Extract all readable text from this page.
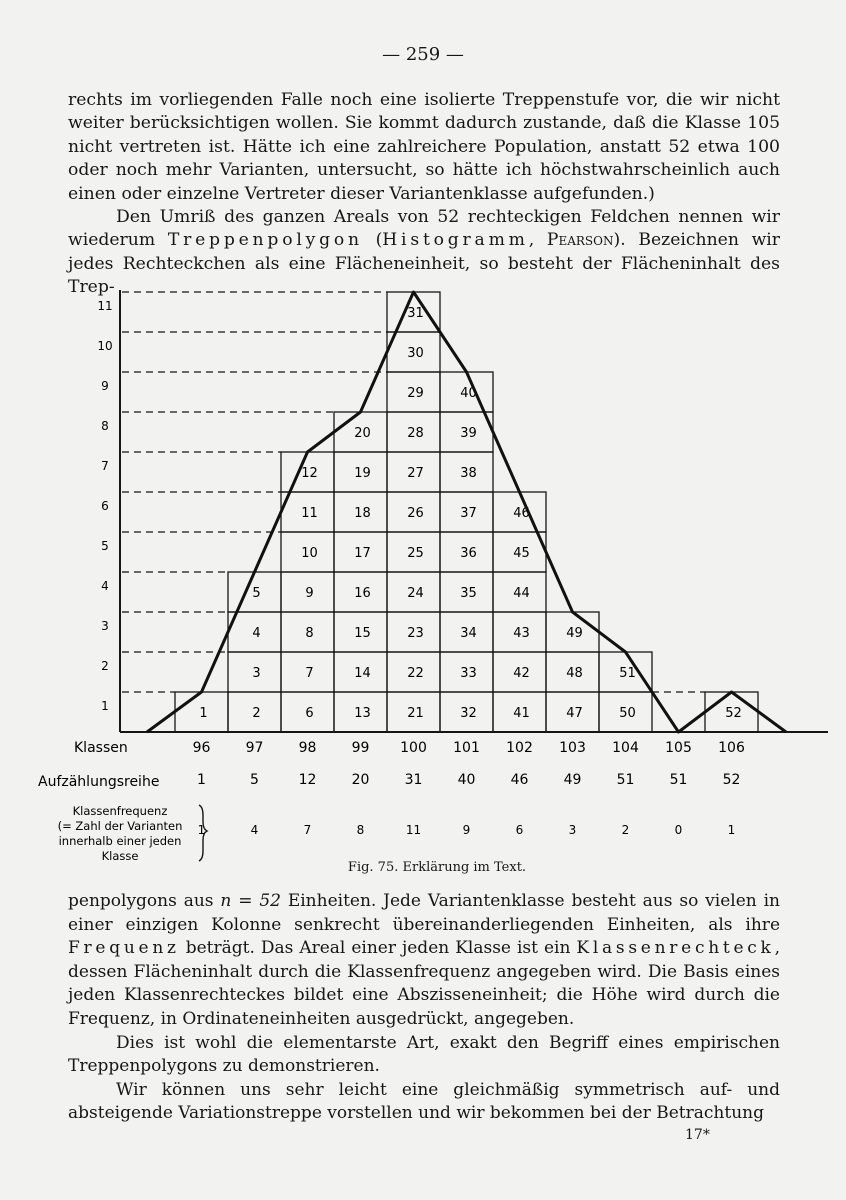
— 259 —

rechts im vorliegenden Falle noch eine isolierte Treppenstufe vor, die wir nicht weiter berücksichtigen wollen. Sie kommt dadurch zustande, daß die Klasse 105 nicht vertreten ist. Hätte ich eine zahlreichere Population, anstatt 52 etwa 100 oder noch mehr Varianten, untersucht, so hätte ich höchstwahrscheinlich auch einen oder einzelne Vertreter dieser Variantenklasse aufgefunden.)

Den Umriß des ganzen Areals von 52 rechteckigen Feldchen nennen wir wiederum Treppenpolygon (Histogramm, Pearson). Bezeichnen wir jedes Rechteckchen als eine Flächeneinheit, so besteht der Flächeninhalt des Trep-

1	2
3
4
5
6
7
8
9
10
11
12
13
14
15
16
17
18
19
20
21
22
23
24
25
26
27
28
29
30
31
32
33
34
35
36
37
38
39
40
41
42
43
44
45
46
47
48
49
50
51
52
1
2
3
4
5
6
7
8
9
10
11
Klassen	96	97	98	99 100 101 102 103 104 105 106
Aufzählungsreihe	1	5	12	20	31	40	46	49	51	51	52
Klassenfrequenz
(= Zahl der Varianten
innerhalb einer jeden
Klasse
1	4	7	8	11	9	6	3	2	0	1
Fig. 75. Erklärung im Text.

penpolygons aus n = 52 Einheiten. Jede Variantenklasse besteht aus so vielen in einer einzigen Kolonne senkrecht übereinanderliegenden Einheiten, als ihre Frequenz beträgt. Das Areal einer jeden Klasse ist ein Klassenrechteck, dessen Flächeninhalt durch die Klassenfrequenz angegeben wird. Die Basis eines jeden Klassenrechteckes bildet eine Abszisseneinheit; die Höhe wird durch die Frequenz, in Ordinateneinheiten ausgedrückt, angegeben.

Dies ist wohl die elementarste Art, exakt den Begriff eines empirischen Treppenpolygons zu demonstrieren.

Wir können uns sehr leicht eine gleichmäßig symmetrisch auf- und absteigende Variationstreppe vorstellen und wir bekommen bei der Betrachtung

17*
